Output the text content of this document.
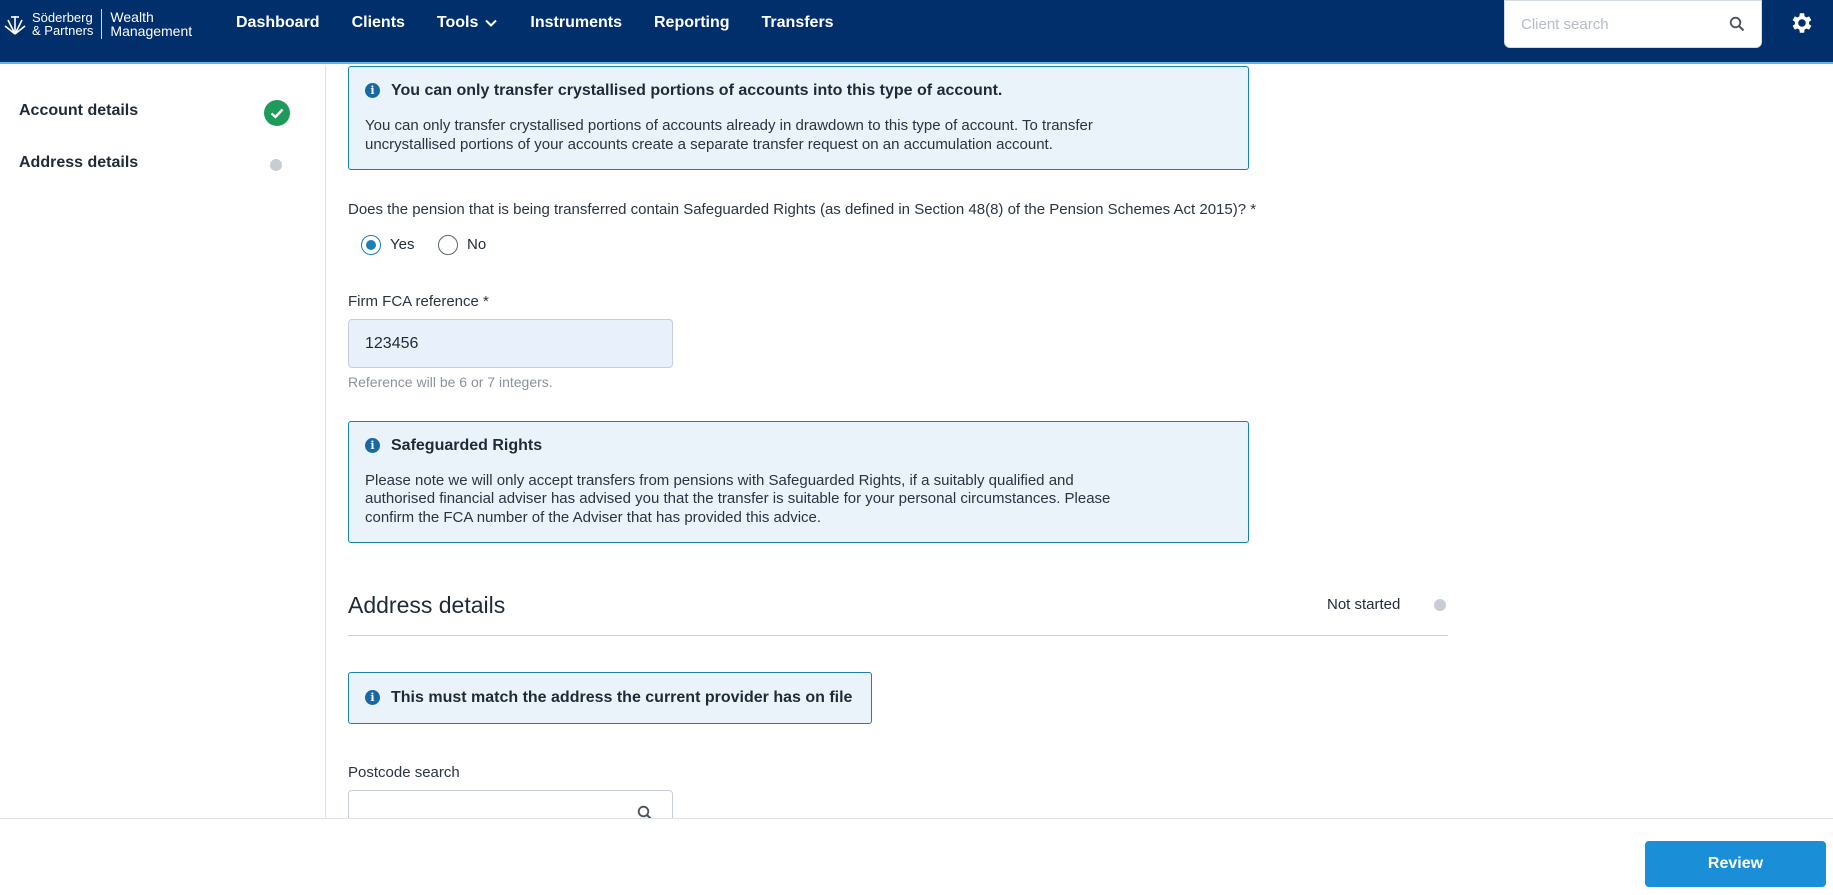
Söderberg
& Partners
Wealth
Management	Dashboard Clients Tools	Instruments Reporting Transfers
Client search
Account details
Address details
i	You can only transfer crystallised portions of accounts into this type of account.
You can only transfer crystallised portions of accounts already in drawdown to this type of account. To transfer
uncrystallised portions of your accounts create a separate transfer request on an accumulation account.
Does the pension that is being transferred contain Safeguarded Rights (as defined in Section 48(8) of the Pension Schemes Act 2015)? *
Yes	No
Firm FCA reference *
123456
Reference will be 6 or 7 integers.
i	Safeguarded Rights
Please note we will only accept transfers from pensions with Safeguarded Rights, if a suitably qualified and
authorised financial adviser has advised you that the transfer is suitable for your personal circumstances. Please
confirm the FCA number of the Adviser that has provided this advice.
Address details	Not started
i	This must match the address the current provider has on file
Postcode search
Review
